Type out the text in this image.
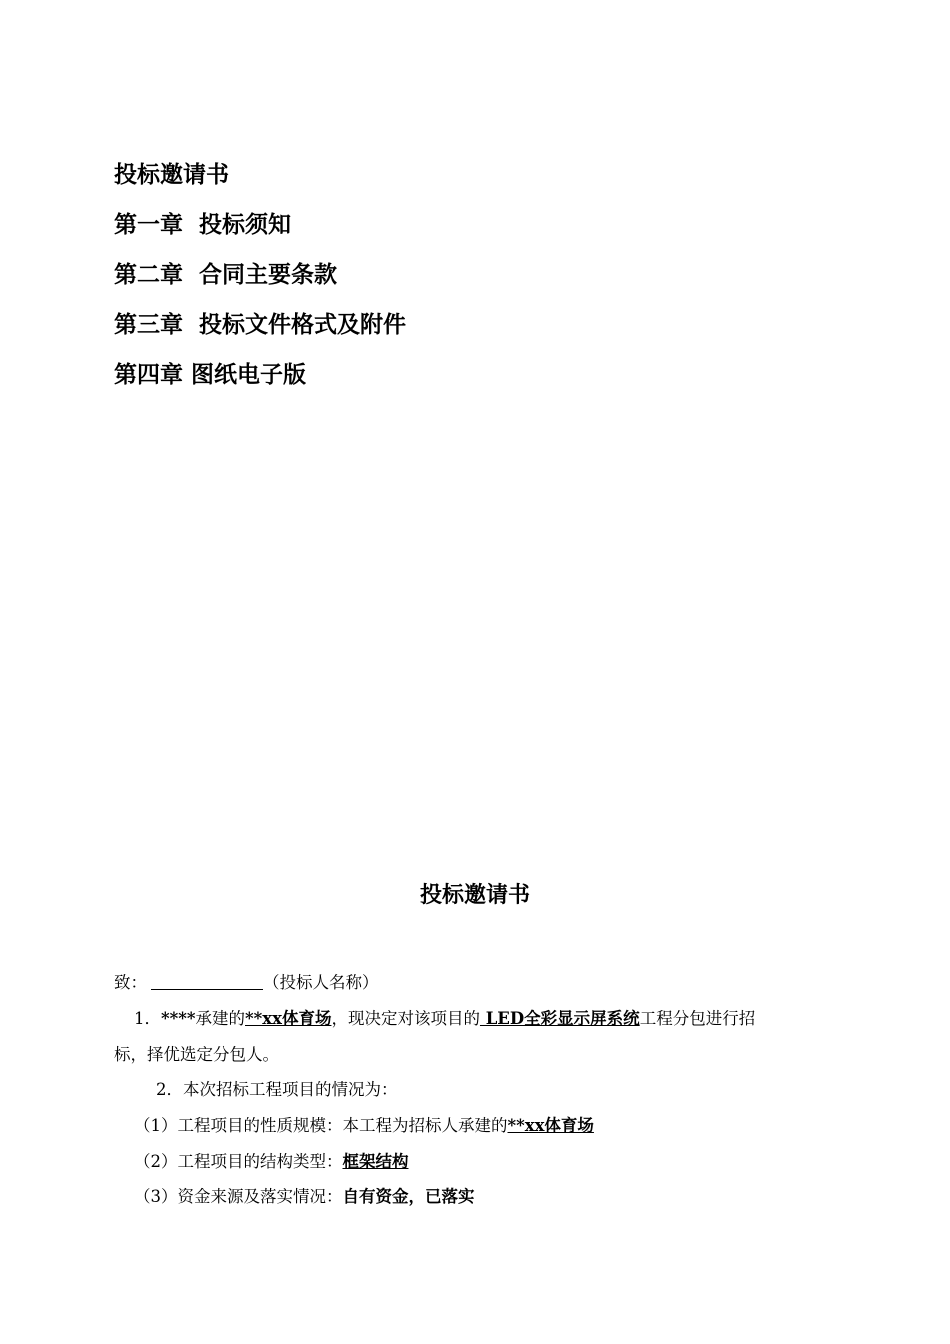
投标邀请书
第一章  投标须知
第二章  合同主要条款
第三章  投标文件格式及附件
第四章 图纸电子版
投标邀请书
致：	（投标人名称）
1．****承建的**xx体育场，现决定对该项目的 LED全彩显示屏系统工程分包进行招
标，择优选定分包人。
2．本次招标工程项目的情况为：
（1）工程项目的性质规模：本工程为招标人承建的**xx体育场
（2）工程项目的结构类型：框架结构
（3）资金来源及落实情况：自有资金，已落实
